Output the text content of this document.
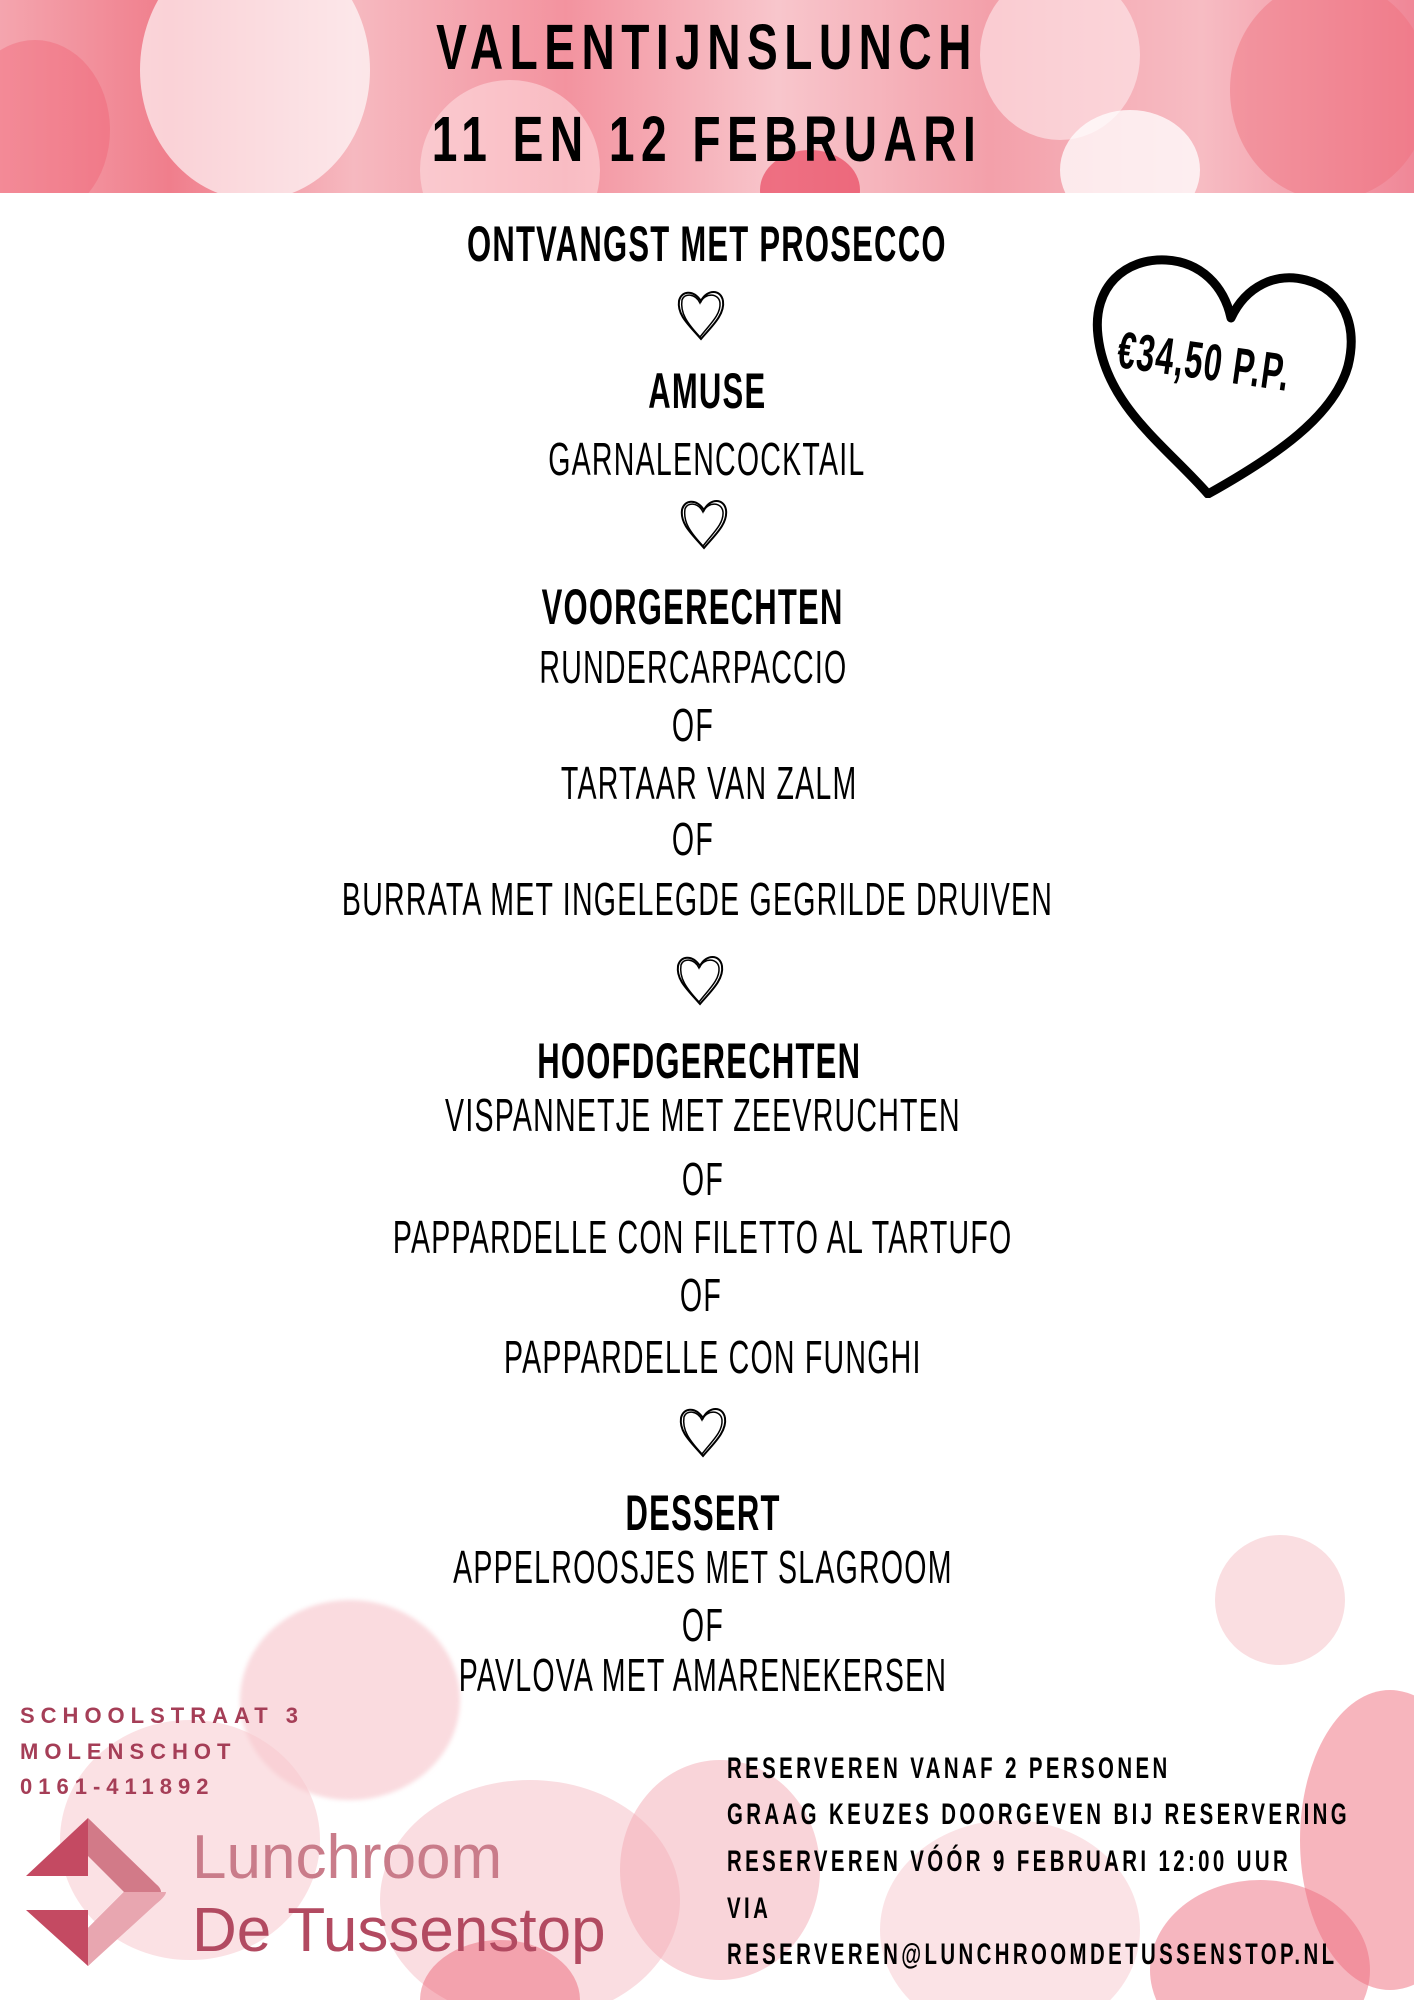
VALENTIJNSLUNCH
11 EN 12 FEBRUARI
ONTVANGST MET PROSECCO
AMUSE
GARNALENCOCKTAIL
VOORGERECHTEN
RUNDERCARPACCIO
OF
TARTAAR VAN ZALM
OF
BURRATA MET INGELEGDE GEGRILDE DRUIVEN
HOOFDGERECHTEN
VISPANNETJE MET ZEEVRUCHTEN
OF
PAPPARDELLE CON FILETTO AL TARTUFO
OF
PAPPARDELLE CON FUNGHI
DESSERT
APPELROOSJES MET SLAGROOM
OF
PAVLOVA MET AMARENEKERSEN
€34,50 P.P.
SCHOOLSTRAAT 3
MOLENSCHOT
0161-411892
Lunchroom
De Tussenstop
RESERVEREN VANAF 2 PERSONEN
GRAAG KEUZES DOORGEVEN BIJ RESERVERING
RESERVEREN VÓÓR 9 FEBRUARI 12:00 UUR
VIA
RESERVEREN@LUNCHROOMDETUSSENSTOP.NL
